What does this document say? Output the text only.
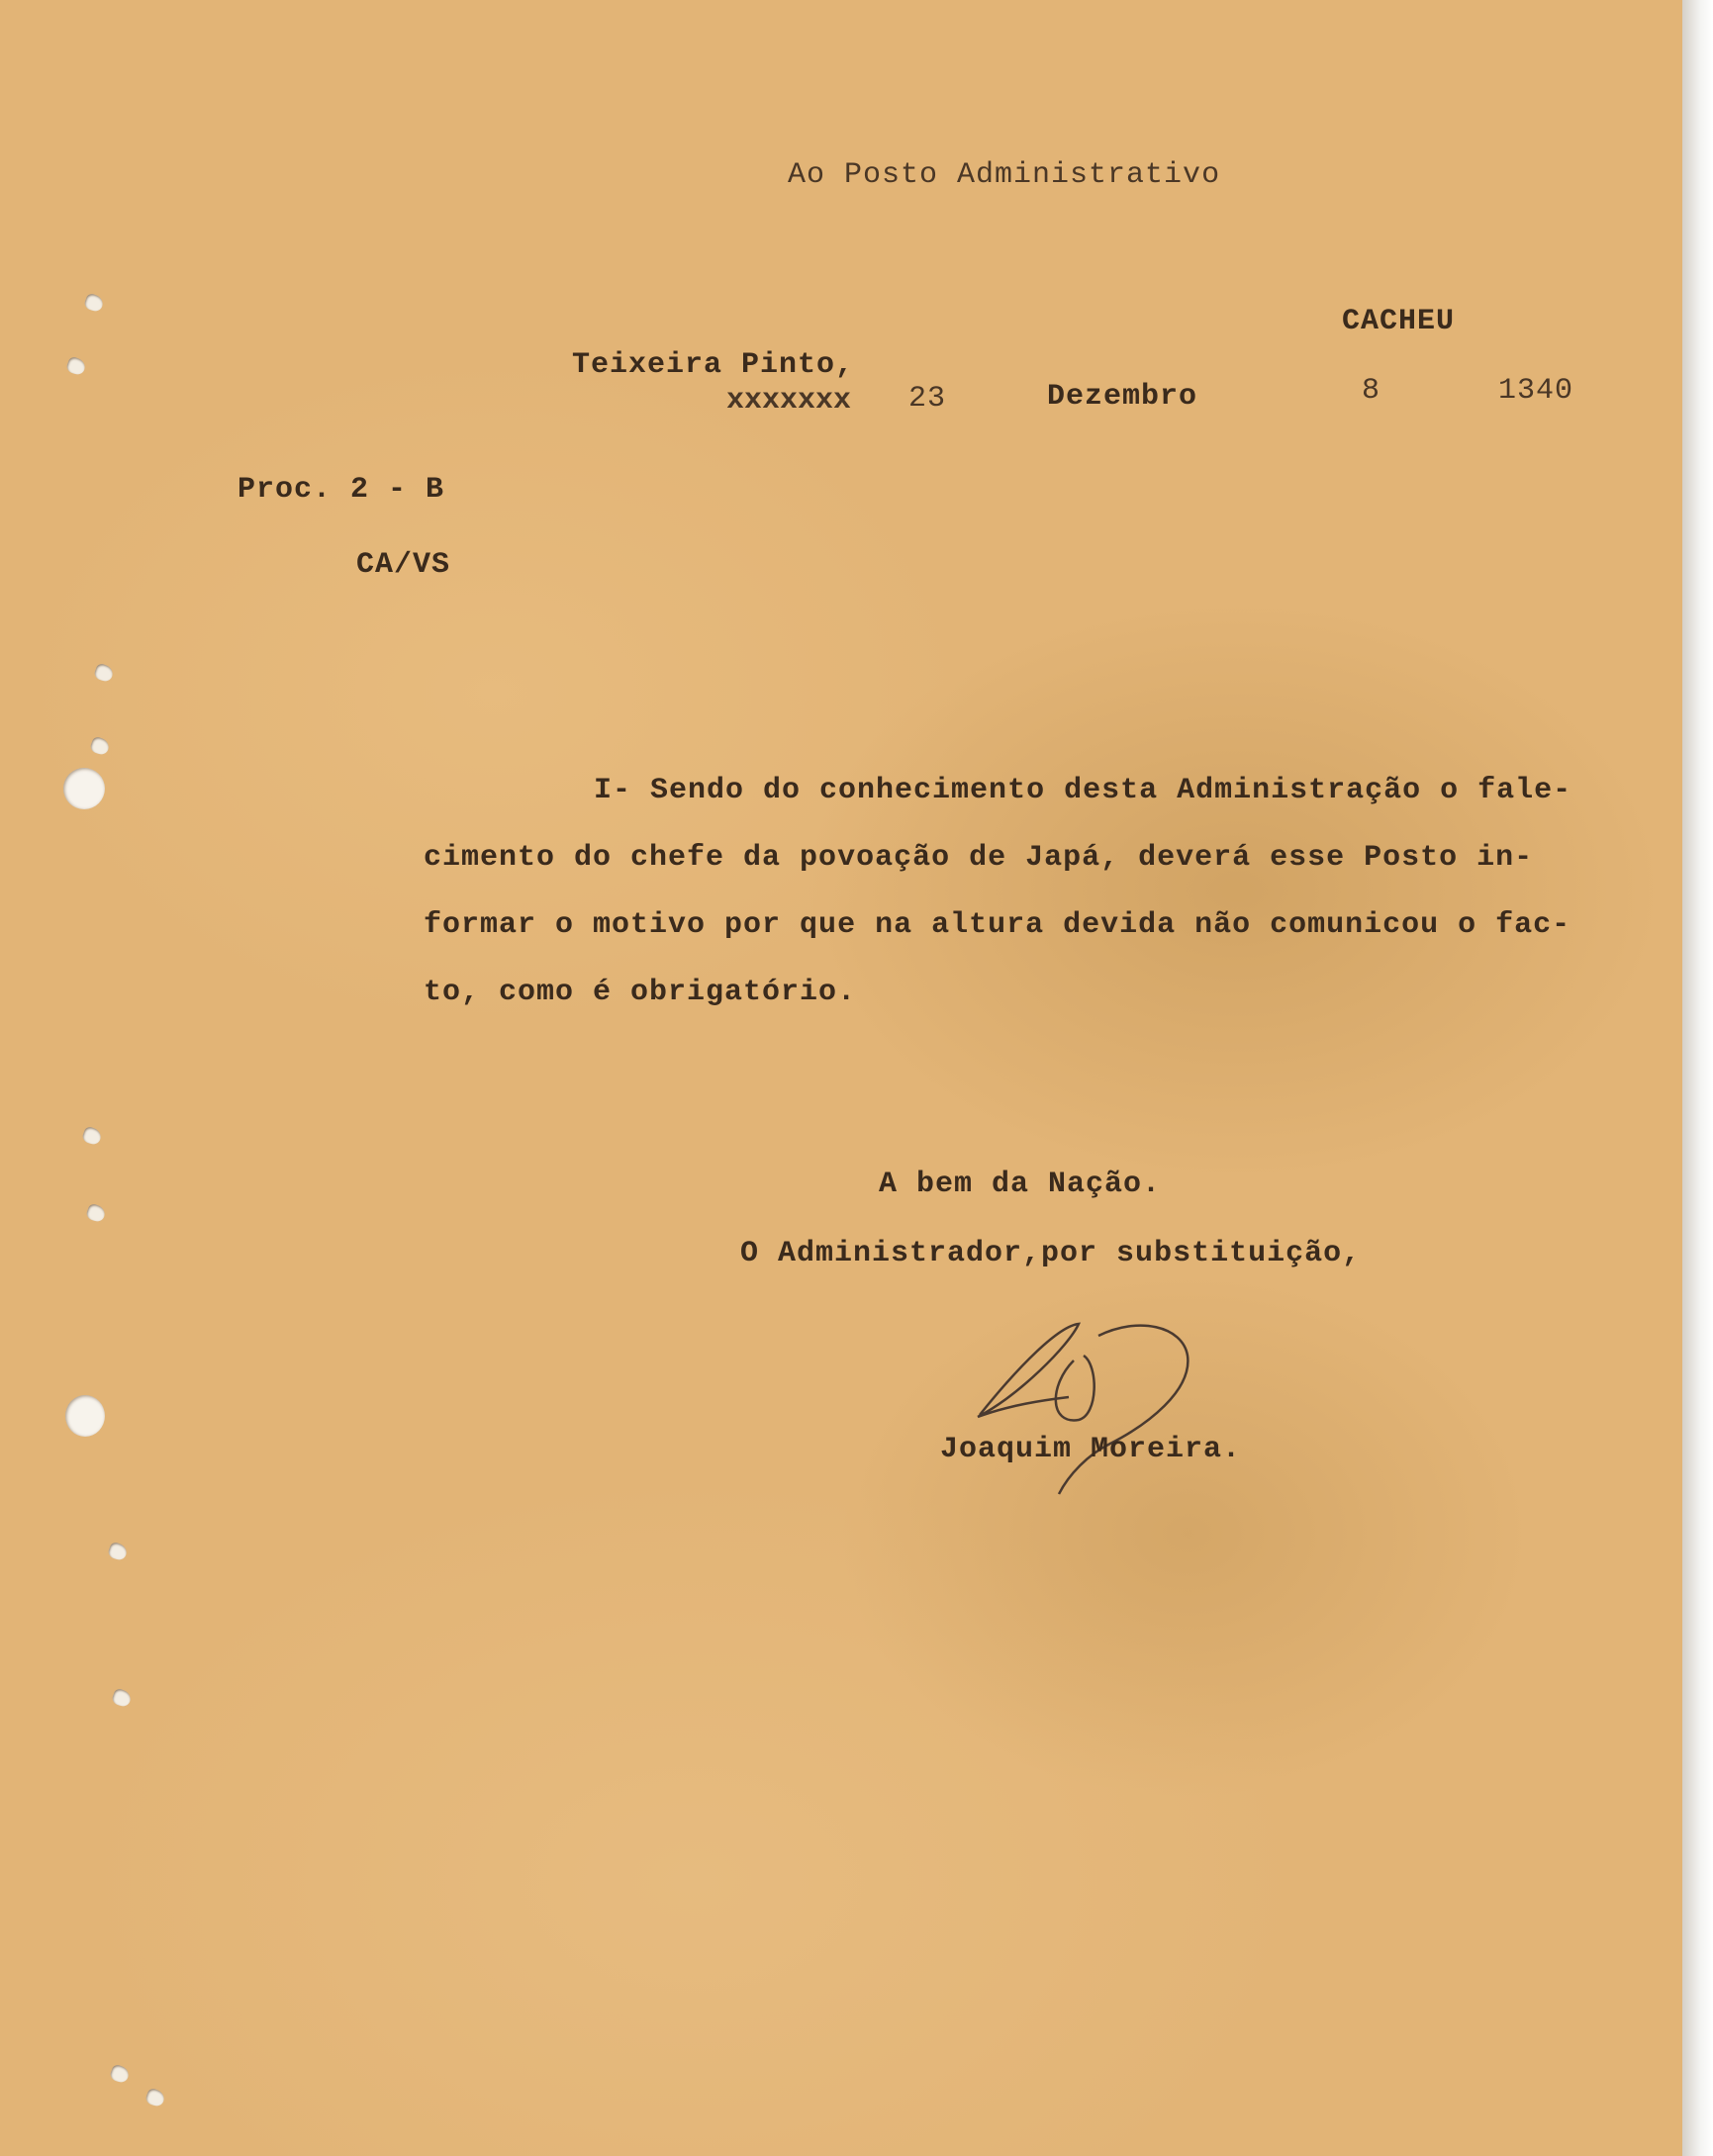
Ao Posto Administrativo
CACHEU
Teixeira Pinto,
xxxxxxx 23	Dezembro	8	1340
Proc. 2 - B
CA/VS
I- Sendo do conhecimento desta Administração o fale-
cimento do chefe da povoação de Japá, deverá esse Posto in-
formar o motivo por que na altura devida não comunicou o fac-
to, como é obrigatório.
A bem da Nação.
O Administrador,por substituição,
Joaquim Moreira.
